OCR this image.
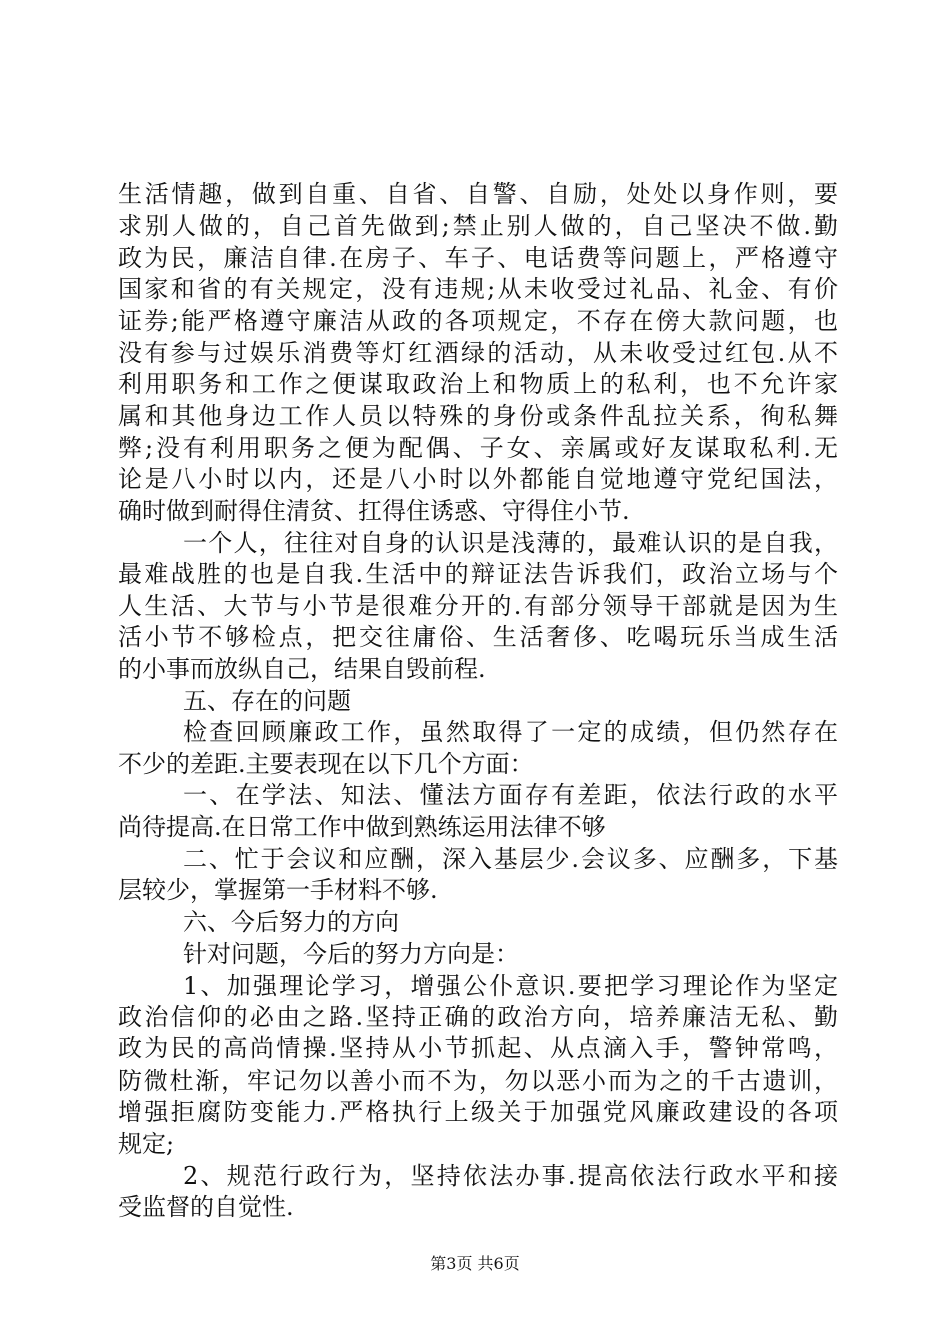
生活情趣，做到自重、自省、自警、自励，处处以身作则，要
求别人做的，自己首先做到;禁止别人做的，自己坚决不做.勤
政为民，廉洁自律.在房子、车子、电话费等问题上，严格遵守
国家和省的有关规定，没有违规;从未收受过礼品、礼金、有价
证券;能严格遵守廉洁从政的各项规定，不存在傍大款问题，也
没有参与过娱乐消费等灯红酒绿的活动，从未收受过红包.从不
利用职务和工作之便谋取政治上和物质上的私利，也不允许家
属和其他身边工作人员以特殊的身份或条件乱拉关系，徇私舞
弊;没有利用职务之便为配偶、子女、亲属或好友谋取私利.无
论是八小时以内，还是八小时以外都能自觉地遵守党纪国法，
确时做到耐得住清贫、扛得住诱惑、守得住小节.
一个人，往往对自身的认识是浅薄的，最难认识的是自我，
最难战胜的也是自我.生活中的辩证法告诉我们，政治立场与个
人生活、大节与小节是很难分开的.有部分领导干部就是因为生
活小节不够检点，把交往庸俗、生活奢侈、吃喝玩乐当成生活
的小事而放纵自己，结果自毁前程.
五、存在的问题
检查回顾廉政工作，虽然取得了一定的成绩，但仍然存在
不少的差距.主要表现在以下几个方面：
一、在学法、知法、懂法方面存有差距，依法行政的水平
尚待提高.在日常工作中做到熟练运用法律不够
二、忙于会议和应酬，深入基层少.会议多、应酬多，下基
层较少，掌握第一手材料不够.
六、今后努力的方向
针对问题，今后的努力方向是：
1、加强理论学习，增强公仆意识.要把学习理论作为坚定
政治信仰的必由之路.坚持正确的政治方向，培养廉洁无私、勤
政为民的高尚情操.坚持从小节抓起、从点滴入手，警钟常鸣，
防微杜渐，牢记勿以善小而不为，勿以恶小而为之的千古遗训，
增强拒腐防变能力.严格执行上级关于加强党风廉政建设的各项
规定;
2、规范行政行为，坚持依法办事.提高依法行政水平和接
受监督的自觉性.
第3页 共6页
